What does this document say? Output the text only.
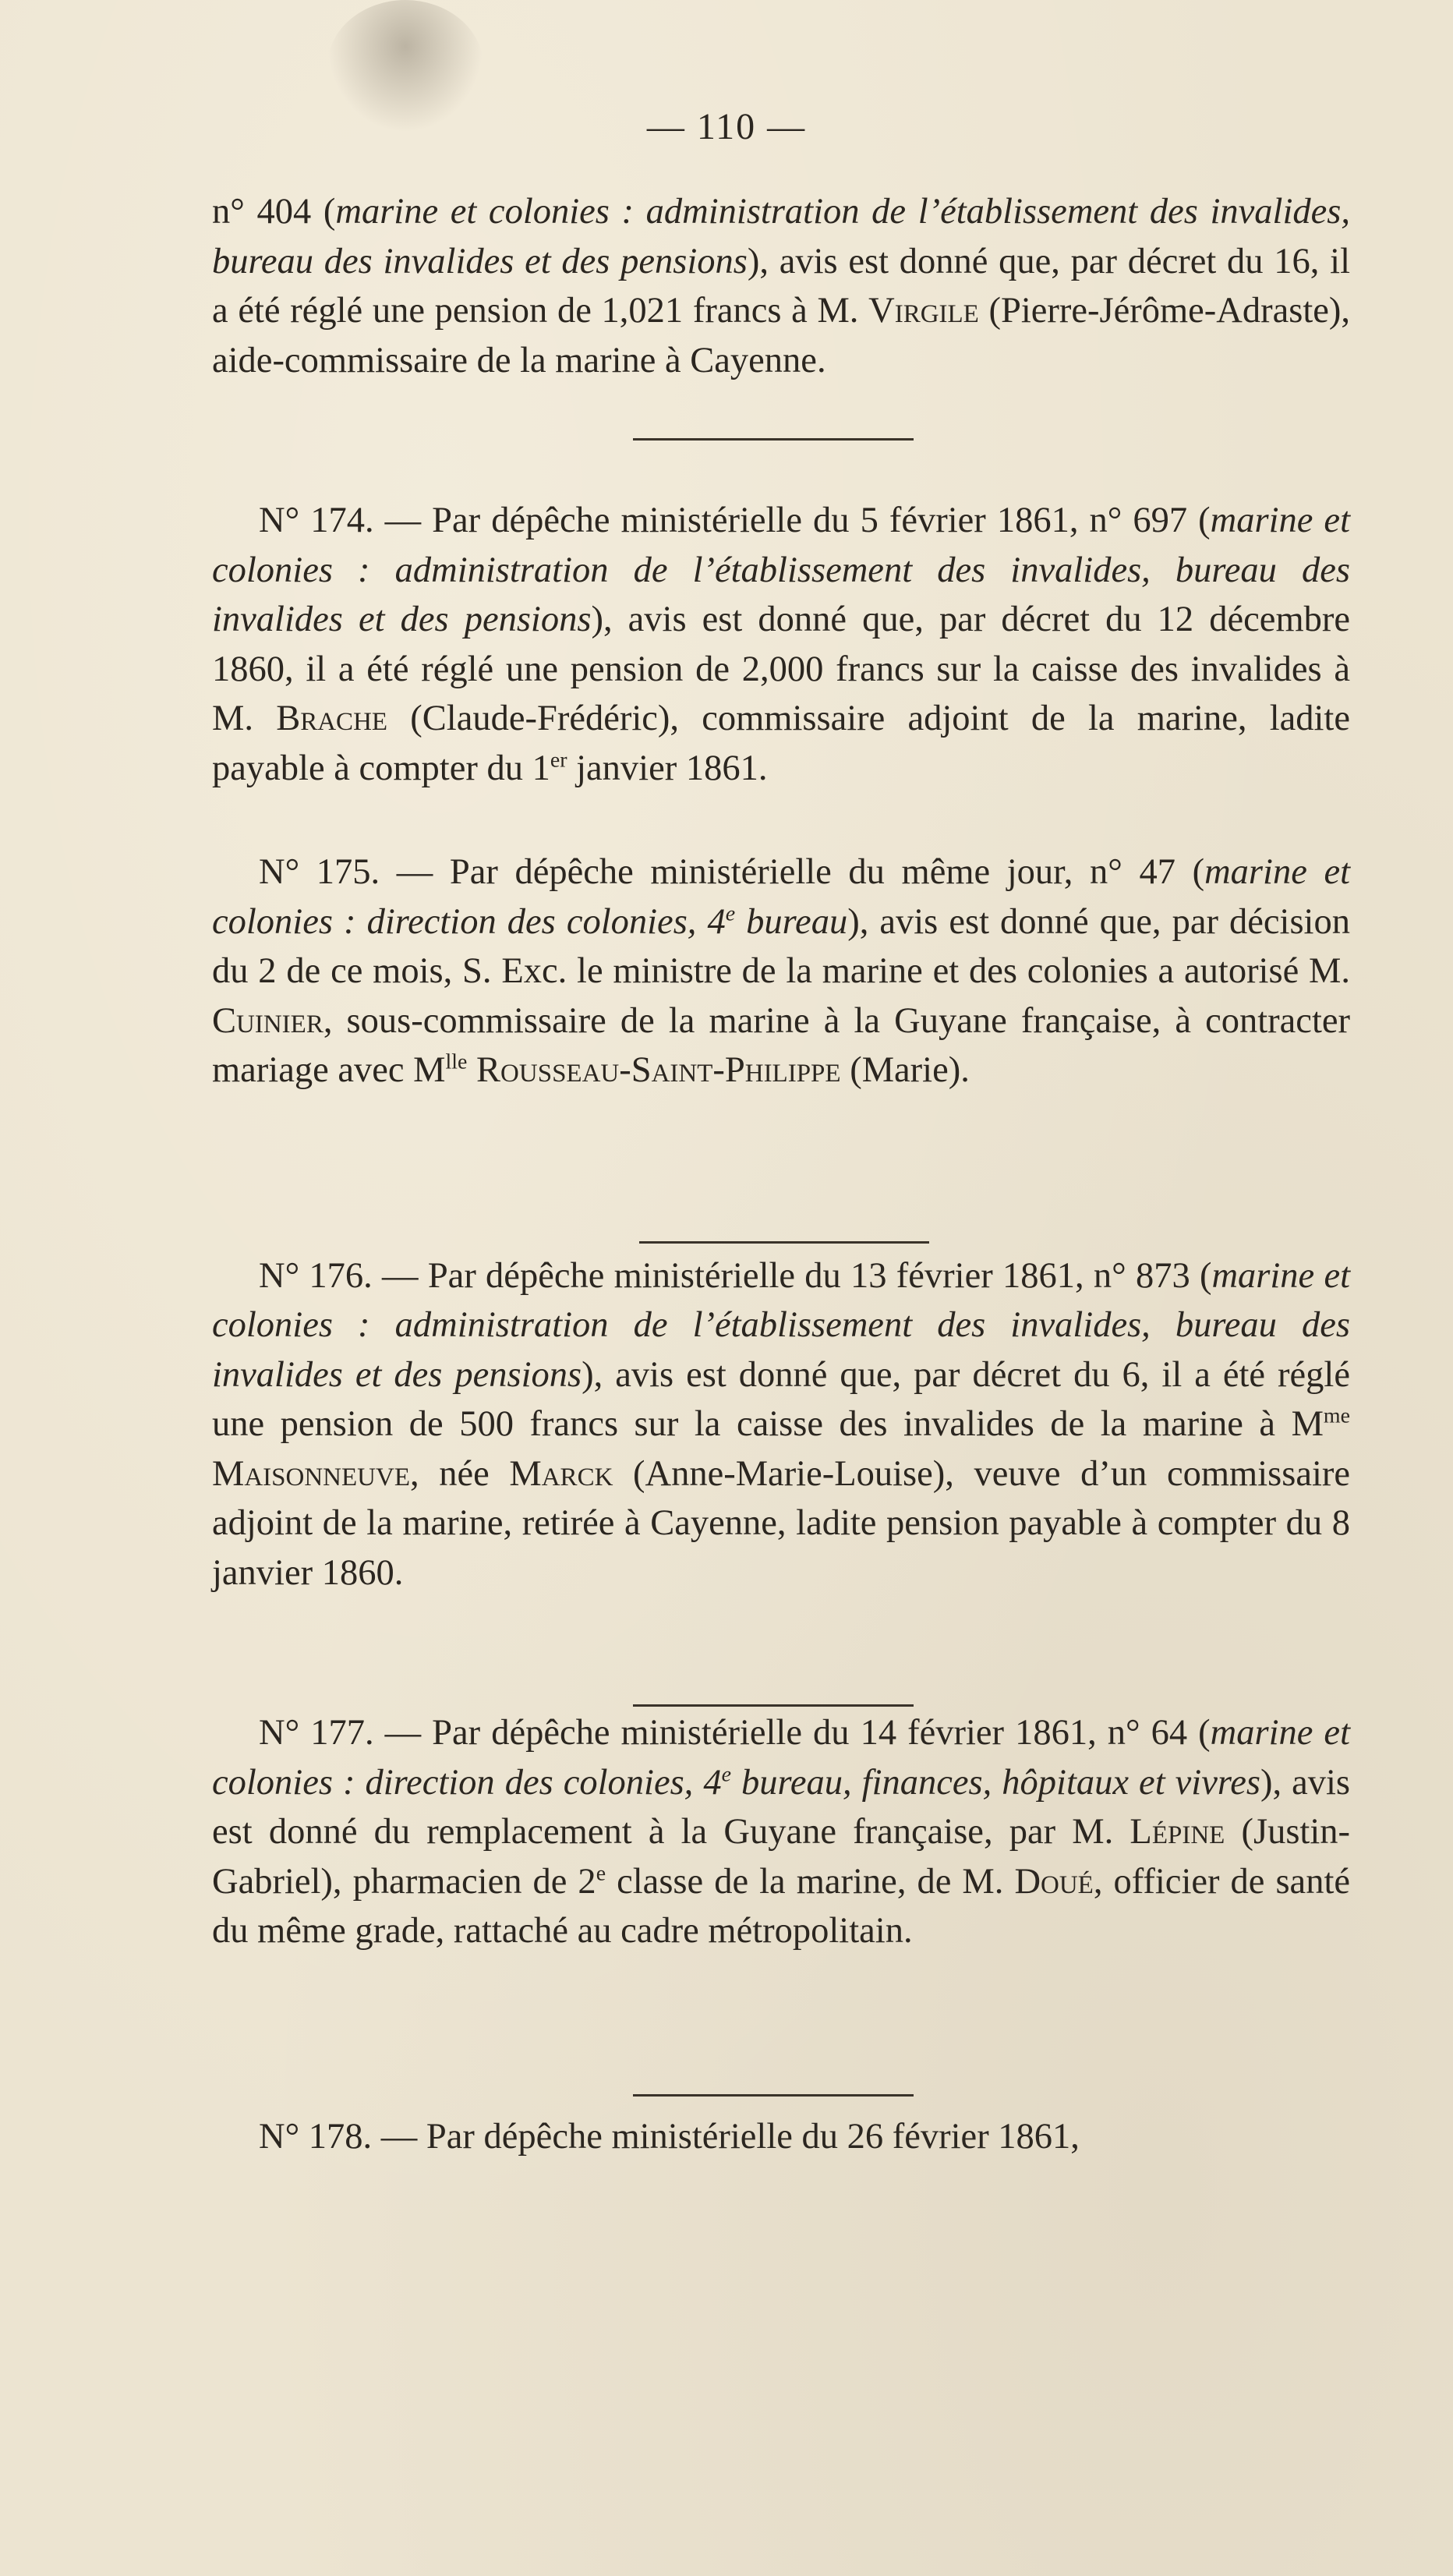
— 110 —

n° 404 (marine et colonies : administration de l’établissement des invalides, bureau des invalides et des pensions), avis est donné que, par décret du 16, il a été réglé une pension de 1,021 francs à M. Virgile (Pierre-Jérôme-Adraste), aide-commissaire de la marine à Cayenne.

N° 174. — Par dépêche ministérielle du 5 février 1861, n° 697 (marine et colonies : administration de l’établissement des invalides, bureau des invalides et des pensions), avis est donné que, par décret du 12 décembre 1860, il a été réglé une pension de 2,000 francs sur la caisse des invalides à M. Brache (Claude-Frédéric), commissaire adjoint de la marine, ladite payable à compter du 1er janvier 1861.

N° 175. — Par dépêche ministérielle du même jour, n° 47 (marine et colonies : direction des colonies, 4e bureau), avis est donné que, par décision du 2 de ce mois, S. Exc. le ministre de la marine et des colonies a autorisé M. Cuinier, sous-commissaire de la marine à la Guyane française, à contracter mariage avec $M^{lle}$ Rousseau-Saint-Philippe (Marie).

N° 176. — Par dépêche ministérielle du 13 février 1861, n° 873 (marine et colonies : administration de l’établissement des invalides, bureau des invalides et des pensions), avis est donné que, par décret du 6, il a été réglé une pension de 500 francs sur la caisse des invalides de la marine à $M^{me}$ Maisonneuve, née Marck (Anne-Marie-Louise), veuve d’un commissaire adjoint de la marine, retirée à Cayenne, ladite pension payable à compter du 8 janvier 1860.

N° 177. — Par dépêche ministérielle du 14 février 1861, n° 64 (marine et colonies : direction des colonies, 4e bureau, finances, hôpitaux et vivres), avis est donné du remplacement à la Guyane française, par M. Lépine (Justin-Gabriel), pharmacien de 2e classe de la marine, de M. Doué, officier de santé du même grade, rattaché au cadre métropolitain.

N° 178. — Par dépêche ministérielle du 26 février 1861,
